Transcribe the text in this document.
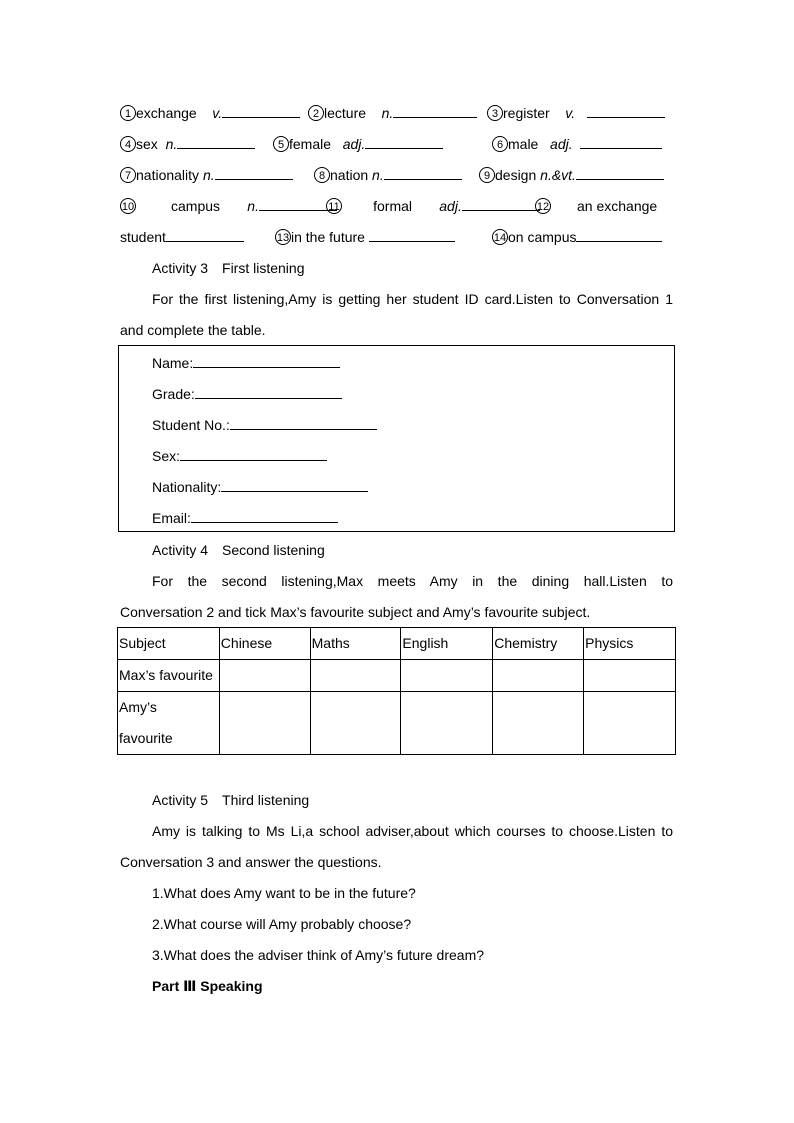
1 exchange v.	2 lecture n.	3 register v.
4 sex n.	5 female adj.	6 male adj.
7 nationality n.	8 nation n.	9 design n.&vt.
10	campus n.	11 formal adj.	12 an exchange
student	13 in the future	14 on campus
Activity 3 First listening
For the first listening,Amy is getting her student ID card.Listen to Conversation 1
and complete the table.
Name:
Grade:
Student No.:
Sex:
Nationality:
Email:
Activity 4 Second listening
For the second listening,Max meets Amy in the dining hall.Listen to
Conversation 2 and tick Max’s favourite subject and Amy’s favourite subject.
Subject	Chinese	Maths	English	Chemistry	Physics
Max’s favourite					
Amy’s
favourite					
Activity 5 Third listening
Amy is talking to Ms Li,a school adviser,about which courses to choose.Listen to
Conversation 3 and answer the questions.
1.What does Amy want to be in the future?
2.What course will Amy probably choose?
3.What does the adviser think of Amy’s future dream?
Part Ⅲ Speaking
